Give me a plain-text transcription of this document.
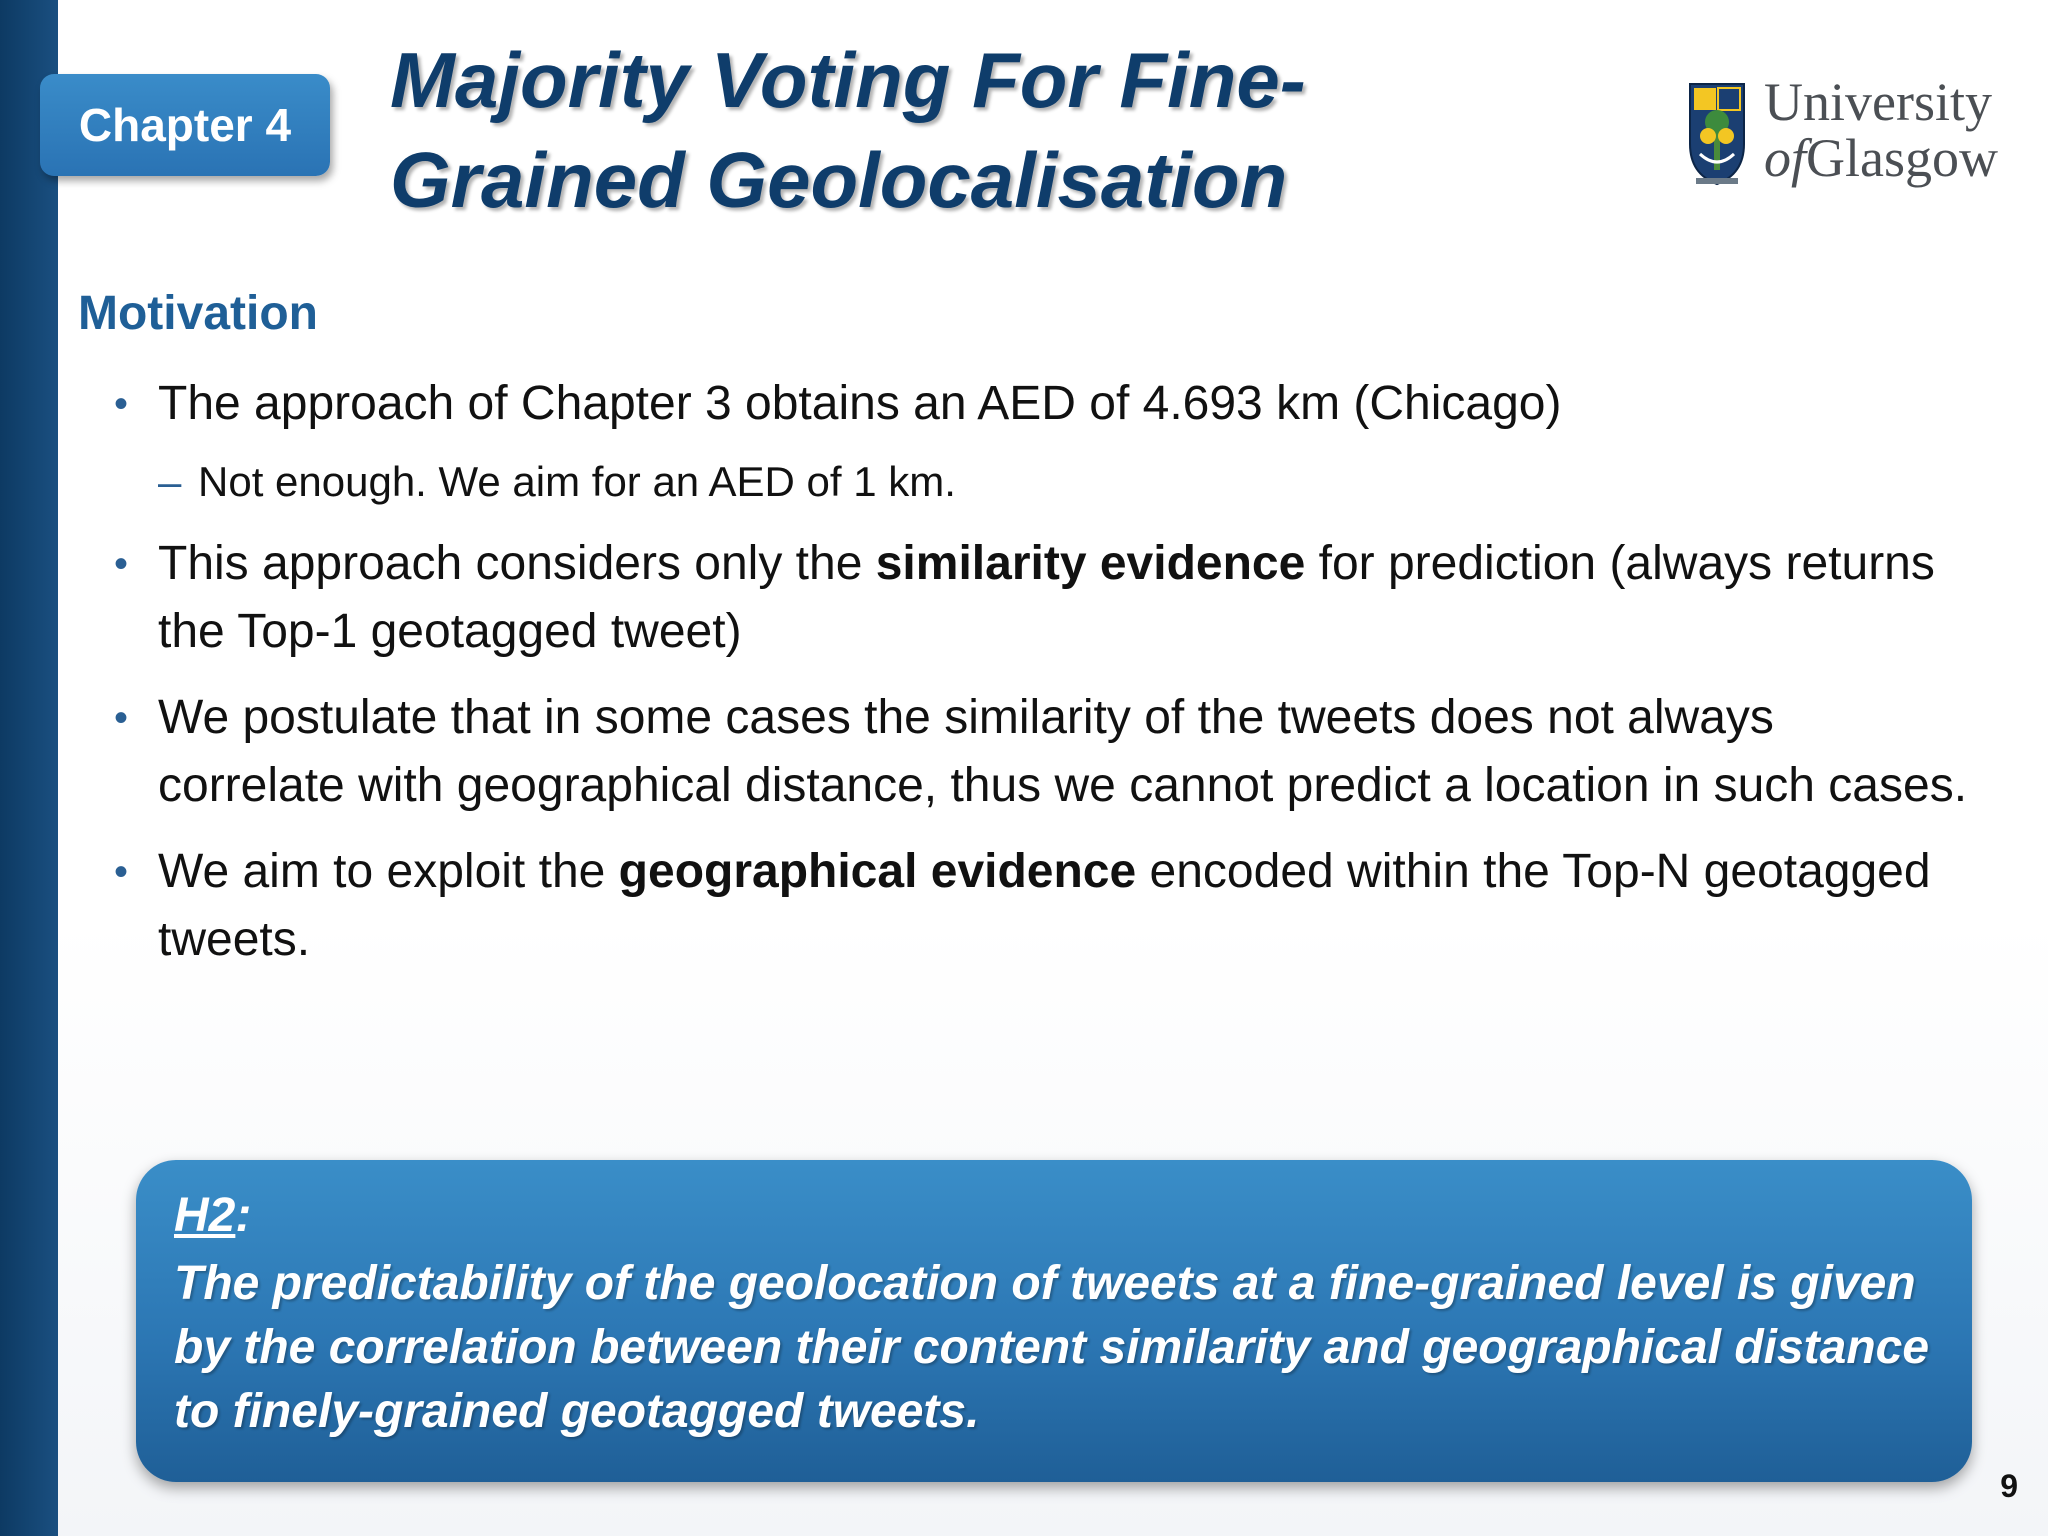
Chapter 4
Majority Voting For Fine-
Grained Geolocalisation
University
ofGlasgow
Motivation
• The approach of Chapter 3 obtains an AED of 4.693 km (Chicago)
– Not enough. We aim for an AED of 1 km.
• This approach considers only the similarity evidence for prediction (always returns the Top-1 geotagged tweet)
• We postulate that in some cases the similarity of the tweets does not always correlate with geographical distance, thus we cannot predict a location in such cases.
• We aim to exploit the geographical evidence encoded within the Top-N geotagged tweets.
H2:
The predictability of the geolocation of tweets at a fine-grained level is given by the correlation between their content similarity and geographical distance to finely-grained geotagged tweets.
9
